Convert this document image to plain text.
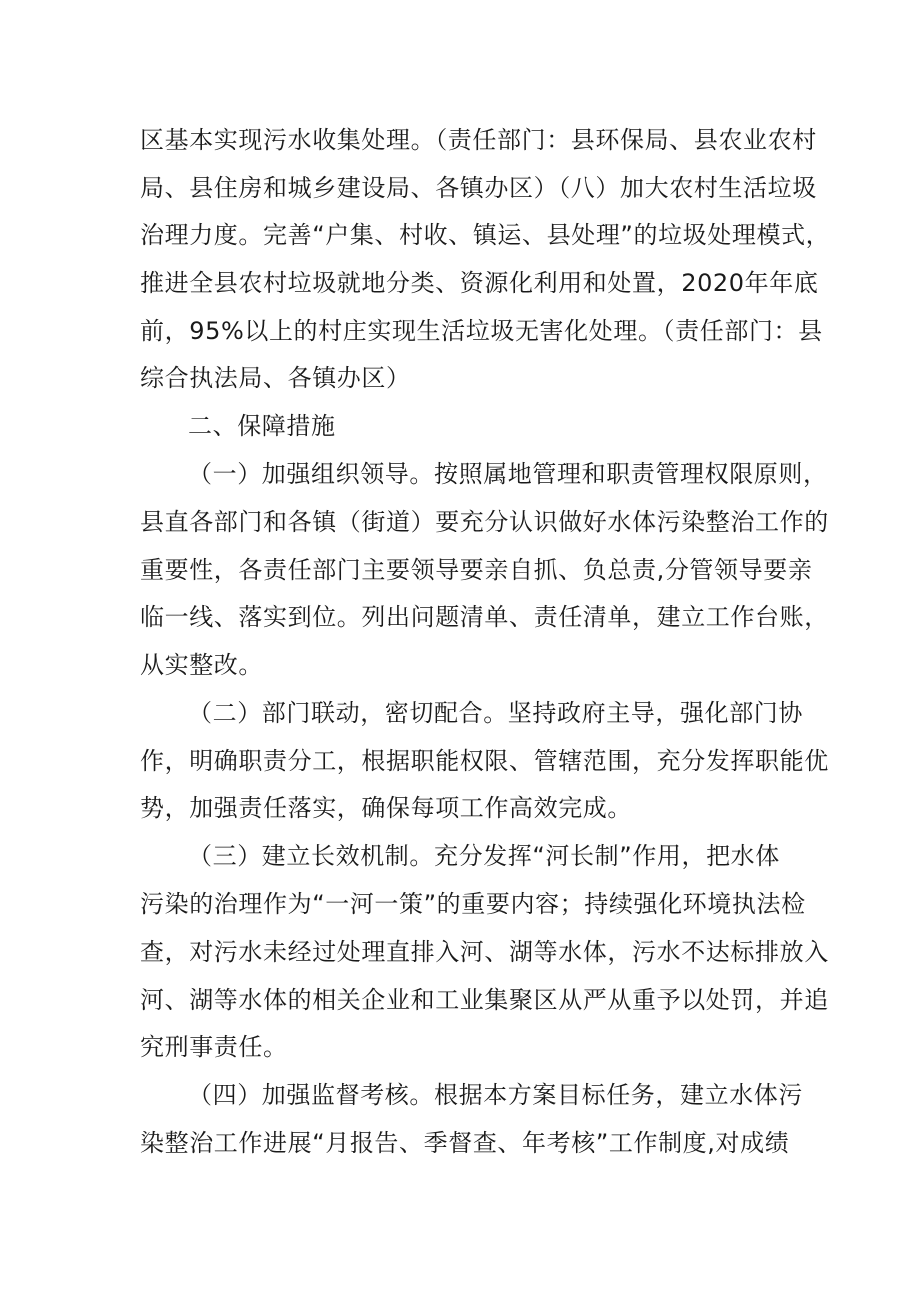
区基本实现污水收集处理。（责任部门：县环保局、县农业农村

局、县住房和城乡建设局、各镇办区）（八）加大农村生活垃圾

治理力度。完善“户集、村收、镇运、县处理”的垃圾处理模式，

推进全县农村垃圾就地分类、资源化利用和处置，2020年年底

前，95%以上的村庄实现生活垃圾无害化处理。（责任部门：县

综合执法局、各镇办区）

二、保障措施

（一）加强组织领导。按照属地管理和职责管理权限原则，

县直各部门和各镇（街道）要充分认识做好水体污染整治工作的

重要性，各责任部门主要领导要亲自抓、负总责,分管领导要亲

临一线、落实到位。列出问题清单、责任清单，建立工作台账，

从实整改。

（二）部门联动，密切配合。坚持政府主导，强化部门协

作，明确职责分工，根据职能权限、管辖范围，充分发挥职能优

势，加强责任落实，确保每项工作高效完成。

（三）建立长效机制。充分发挥“河长制”作用，把水体

污染的治理作为“一河一策”的重要内容；持续强化环境执法检

查，对污水未经过处理直排入河、湖等水体，污水不达标排放入

河、湖等水体的相关企业和工业集聚区从严从重予以处罚，并追

究刑事责任。

（四）加强监督考核。根据本方案目标任务，建立水体污

染整治工作进展“月报告、季督查、年考核”工作制度,对成绩
